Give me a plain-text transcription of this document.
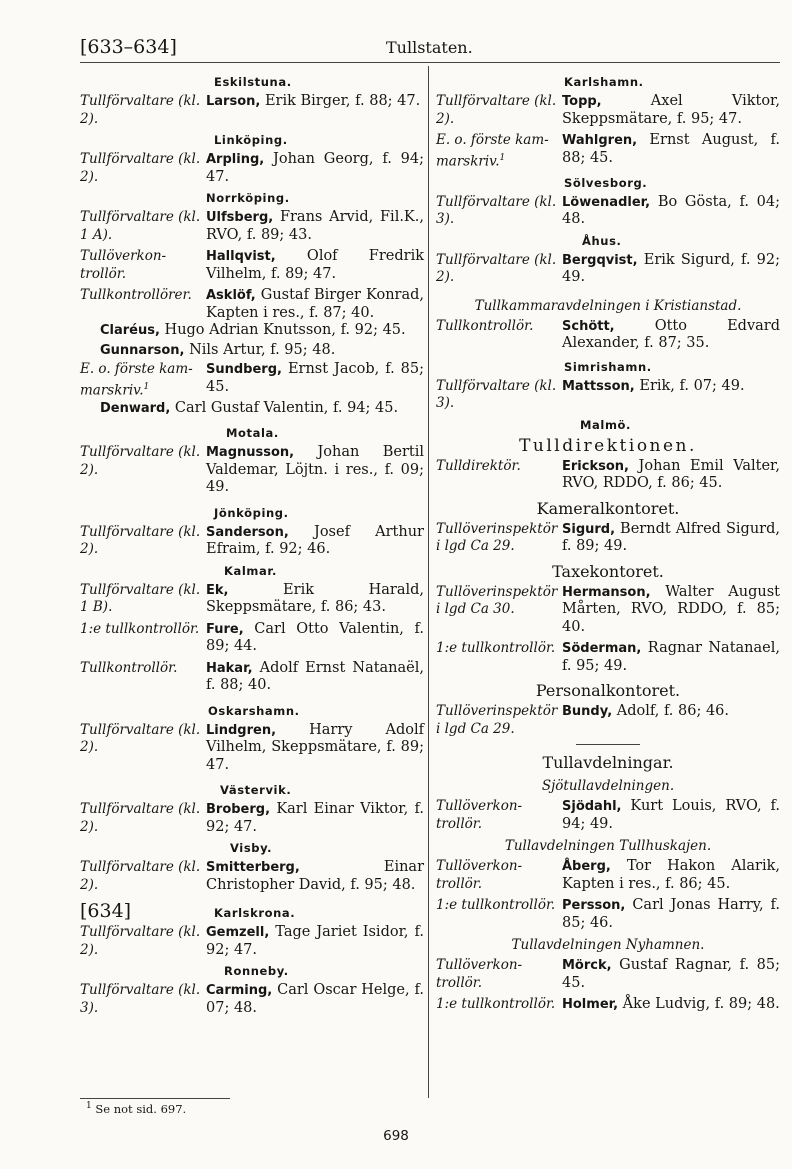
[633–634]	Tullstaten.
Eskilstuna.
Tullförvaltare (kl. 2).
Larson, Erik Birger, f. 88; 47.
Linköping.
Tullförvaltare (kl. 2).
Arpling, Johan Georg, f. 94; 47.
Norrköping.
Tullförvaltare (kl. 1 A).
Ulfsberg, Frans Arvid, Fil.K., RVO, f. 89; 43.
Tullöverkon-trollör.
Hallqvist, Olof Fredrik Vilhelm, f. 89; 47.
Tullkontrollörer.	Asklöf, Gustaf Birger Konrad, Kapten i res., f. 87; 40.
Claréus, Hugo Adrian Knutsson, f. 92; 45.
Gunnarson, Nils Artur, f. 95; 48.
E. o. förste kam-marskriv.$^1$
Sundberg, Ernst Jacob, f. 85; 45.
Denward, Carl Gustaf Valentin, f. 94; 45.
Motala.
Tullförvaltare (kl. 2).
Magnusson, Johan Bertil Valdemar, Löjtn. i res., f. 09; 49.
Jönköping.
Tullförvaltare (kl. 2).
Sanderson, Josef Arthur Efraim, f. 92; 46.
Kalmar.
Tullförvaltare (kl. 1 B).
Ek, Erik Harald, Skeppsmätare, f. 86; 43.
1:e tullkontrollör. Fure, Carl Otto Valentin, f. 89; 44.
Tullkontrollör.	Hakar, Adolf Ernst Natanaël, f. 88; 40.
Oskarshamn.
Tullförvaltare (kl. 2).
Lindgren, Harry Adolf Vilhelm, Skeppsmätare, f. 89; 47.
Västervik.
Tullförvaltare (kl. 2).
Broberg, Karl Einar Viktor, f. 92; 47.
Visby.
Tullförvaltare (kl. 2).
Smitterberg, Einar Christopher David, f. 95; 48.
[634]	Karlskrona.
Tullförvaltare (kl. 2).
Gemzell, Tage Jariet Isidor, f. 92; 47.
Ronneby.
Tullförvaltare (kl. 3).
Carming, Carl Oscar Helge, f. 07; 48.
Karlshamn.
Tullförvaltare (kl. 2).
Topp, Axel Viktor, Skeppsmätare, f. 95; 47.
E. o. förste kam-marskriv.$^1$
Wahlgren, Ernst August, f. 88; 45.
Sölvesborg.
Tullförvaltare (kl. 3).
Löwenadler, Bo Gösta, f. 04; 48.
Åhus.
Tullförvaltare (kl. 2).
Bergqvist, Erik Sigurd, f. 92; 49.
Tullkammaravdelningen i Kristianstad.
Tullkontrollör.	Schött, Otto Edvard Alexander, f. 87; 35.
Simrishamn.
Tullförvaltare (kl. 3).
Mattsson, Erik, f. 07; 49.
Malmö.
Tulldirektionen.
Tulldirektör.	Erickson, Johan Emil Valter, RVO, RDDO, f. 86; 45.
Kameralkontoret.
Tullöverinspektör i lgd Ca 29.
Sigurd, Berndt Alfred Sigurd, f. 89; 49.
Taxekontoret.
Tullöverinspektör i lgd Ca 30.
Hermanson, Walter August Mårten, RVO, RDDO, f. 85; 40.
1:e tullkontrollör. Söderman, Ragnar Natanael, f. 95; 49.
Personalkontoret.
Tullöverinspektör i lgd Ca 29.
Bundy, Adolf, f. 86; 46.
Tullavdelningar.
Sjötullavdelningen.
Tullöverkon-trollör.
Sjödahl, Kurt Louis, RVO, f. 94; 49.
Tullavdelningen Tullhuskajen.
Tullöverkon-trollör.
Åberg, Tor Hakon Alarik, Kapten i res., f. 86; 45.
1:e tullkontrollör. Persson, Carl Jonas Harry, f. 85; 46.
Tullavdelningen Nyhamnen.
Tullöverkon-trollör.
Mörck, Gustaf Ragnar, f. 85; 45.
1:e tullkontrollör. Holmer, Åke Ludvig, f. 89; 48.
$^1$ Se not sid. 697.
698
